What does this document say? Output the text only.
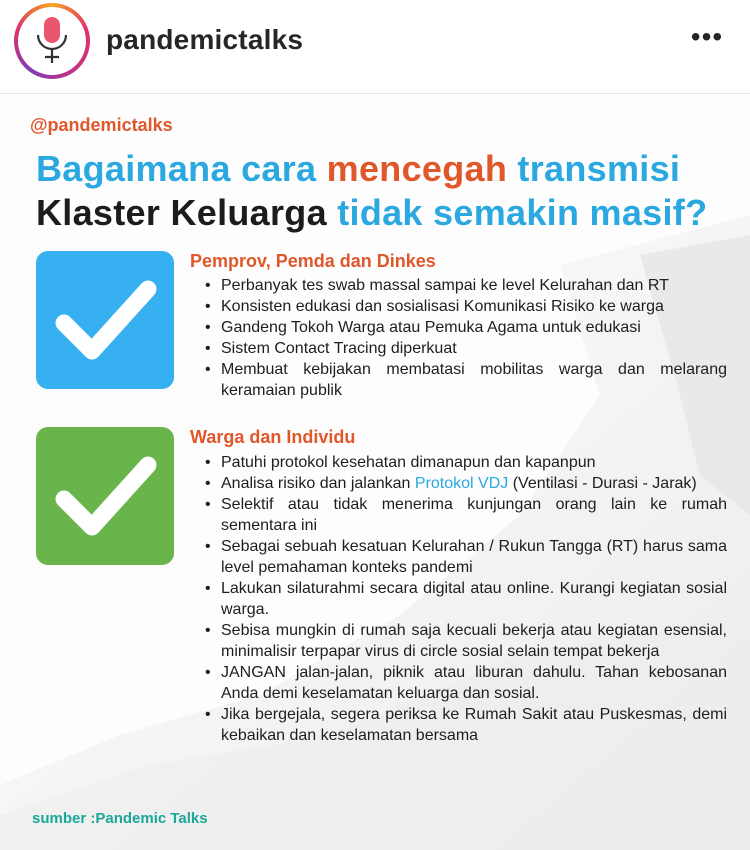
pandemictalks	•••
@pandemictalks
Bagaimana cara mencegah transmisi
Klaster Keluarga tidak semakin masif?
Pemprov, Pemda dan Dinkes
• Perbanyak tes swab massal sampai ke level Kelurahan dan RT
• Konsisten edukasi dan sosialisasi Komunikasi Risiko ke warga
• Gandeng Tokoh Warga atau Pemuka Agama untuk edukasi
• Sistem Contact Tracing diperkuat
• Membuat kebijakan membatasi mobilitas warga dan melarang keramaian publik
Warga dan Individu
• Patuhi protokol kesehatan dimanapun dan kapanpun
• Analisa risiko dan jalankan Protokol VDJ (Ventilasi - Durasi - Jarak)
• Selektif atau tidak menerima kunjungan orang lain ke rumah sementara ini
• Sebagai sebuah kesatuan Kelurahan / Rukun Tangga (RT) harus sama level pemahaman konteks pandemi
• Lakukan silaturahmi secara digital atau online. Kurangi kegiatan sosial warga.
• Sebisa mungkin di rumah saja kecuali bekerja atau kegiatan esensial, minimalisir terpapar virus di circle sosial selain tempat bekerja
• JANGAN jalan-jalan, piknik atau liburan dahulu. Tahan kebosanan Anda demi keselamatan keluarga dan sosial.
• Jika bergejala, segera periksa ke Rumah Sakit atau Puskesmas, demi kebaikan dan keselamatan bersama
sumber :Pandemic Talks
